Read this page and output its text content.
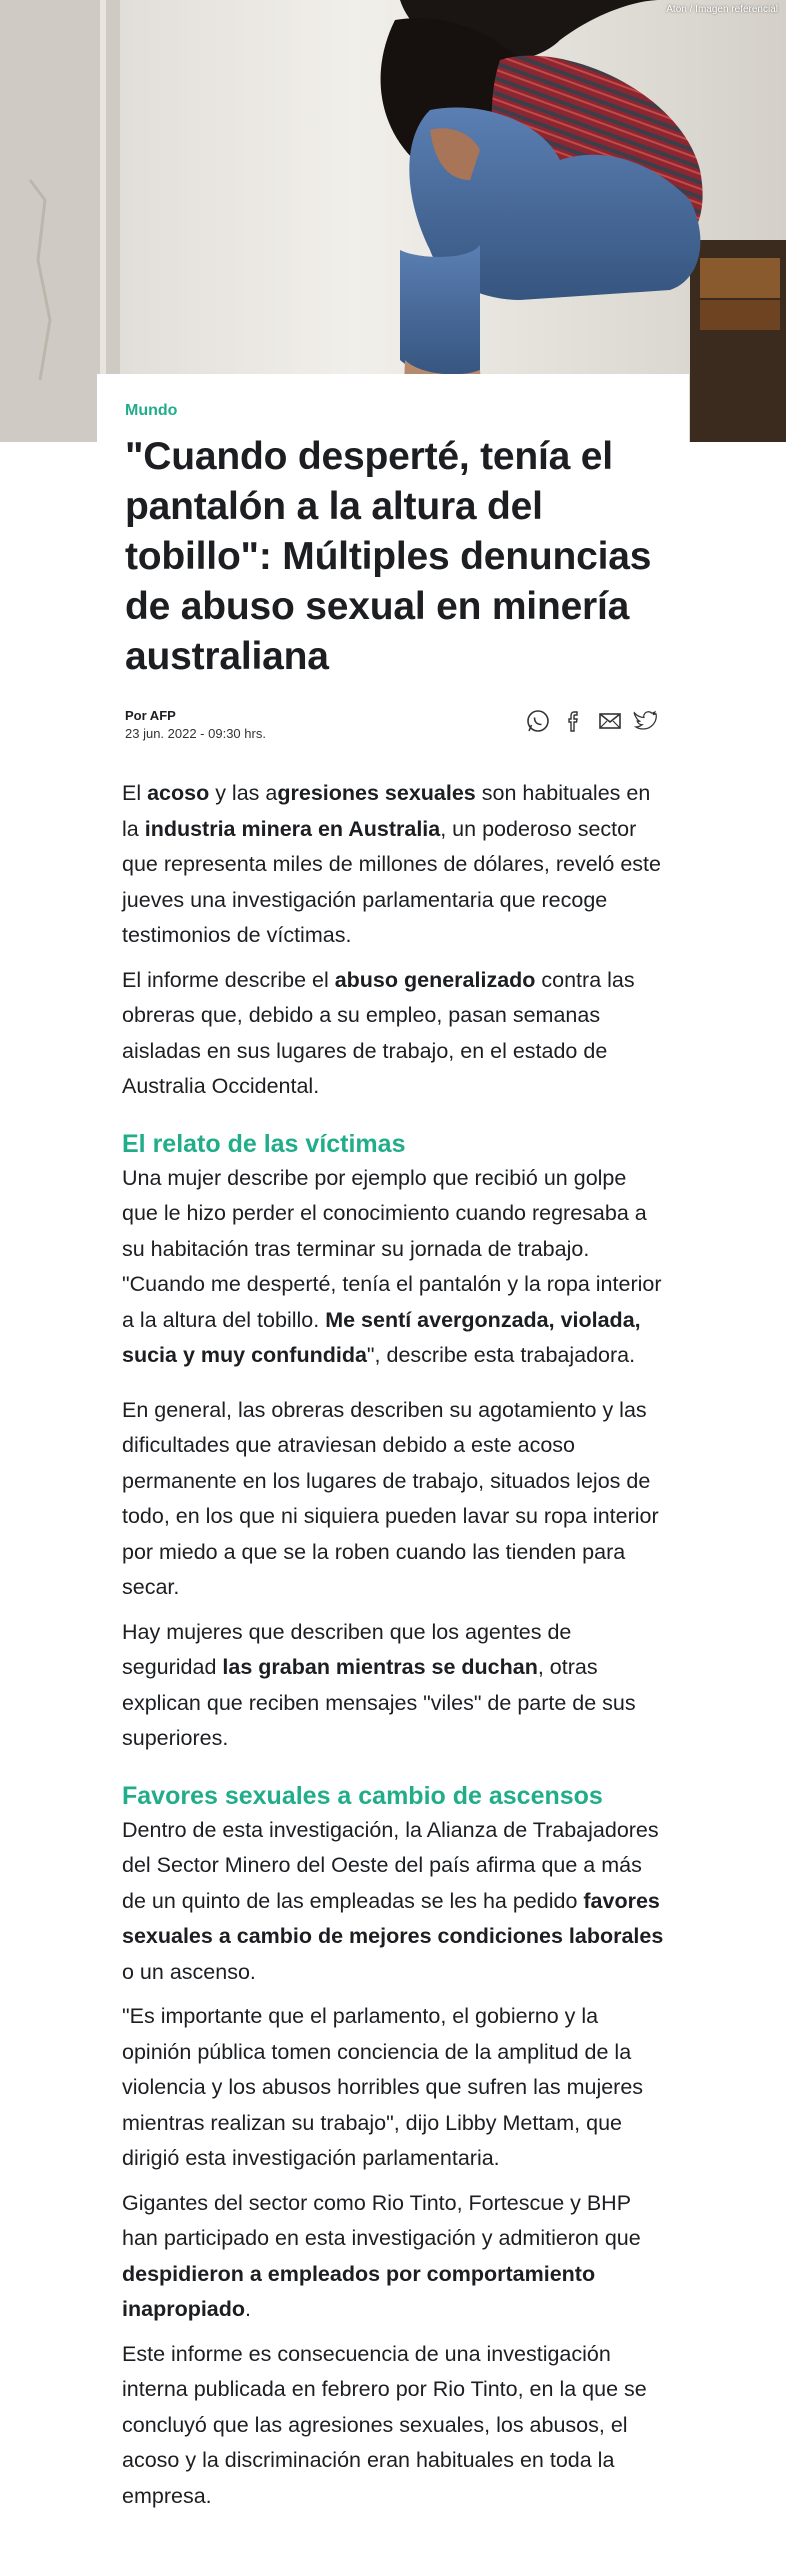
Aton / Imagen referencial
Mundo
"Cuando desperté, tenía el pantalón a la altura del tobillo": Múltiples denuncias de abuso sexual en minería australiana
Por AFP
23 jun. 2022 - 09:30 hrs.

El acoso y las agresiones sexuales son habituales en la industria minera en Australia, un poderoso sector que representa miles de millones de dólares, reveló este jueves una investigación parlamentaria que recoge testimonios de víctimas.

El informe describe el abuso generalizado contra las obreras que, debido a su empleo, pasan semanas aisladas en sus lugares de trabajo, en el estado de Australia Occidental.

El relato de las víctimas

Una mujer describe por ejemplo que recibió un golpe que le hizo perder el conocimiento cuando regresaba a su habitación tras terminar su jornada de trabajo. "Cuando me desperté, tenía el pantalón y la ropa interior a la altura del tobillo. Me sentí avergonzada, violada, sucia y muy confundida", describe esta trabajadora.

En general, las obreras describen su agotamiento y las dificultades que atraviesan debido a este acoso permanente en los lugares de trabajo, situados lejos de todo, en los que ni siquiera pueden lavar su ropa interior por miedo a que se la roben cuando las tienden para secar.

Hay mujeres que describen que los agentes de seguridad las graban mientras se duchan, otras explican que reciben mensajes "viles" de parte de sus superiores.

Favores sexuales a cambio de ascensos

Dentro de esta investigación, la Alianza de Trabajadores del Sector Minero del Oeste del país afirma que a más de un quinto de las empleadas se les ha pedido favores sexuales a cambio de mejores condiciones laborales o un ascenso.

"Es importante que el parlamento, el gobierno y la opinión pública tomen conciencia de la amplitud de la violencia y los abusos horribles que sufren las mujeres mientras realizan su trabajo", dijo Libby Mettam, que dirigió esta investigación parlamentaria.

Gigantes del sector como Rio Tinto, Fortescue y BHP han participado en esta investigación y admitieron que despidieron a empleados por comportamiento inapropiado.

Este informe es consecuencia de una investigación interna publicada en febrero por Rio Tinto, en la que se concluyó que las agresiones sexuales, los abusos, el acoso y la discriminación eran habituales en toda la empresa.
